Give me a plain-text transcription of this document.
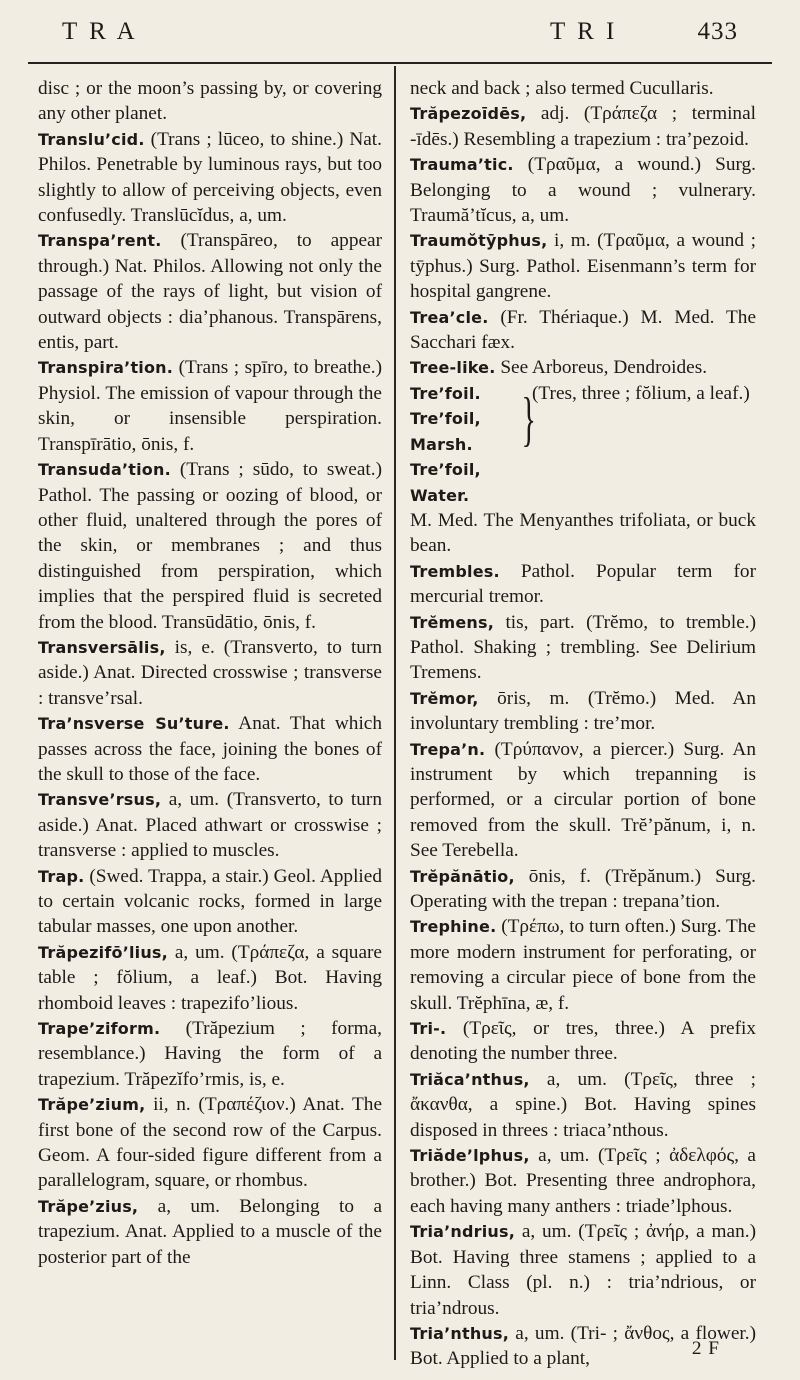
T R A	T R I	433
disc ; or the moon’s passing by, or covering any other planet.
Translu’cid. (Trans ; lūceo, to shine.) Nat. Philos. Penetrable by luminous rays, but too slightly to allow of perceiving objects, even confusedly. Translūcĭdus, a, um.
Transpa’rent. (Transpāreo, to appear through.) Nat. Philos. Allowing not only the passage of the rays of light, but vision of outward objects : dia’phanous. Transpārens, entis, part.
Transpira’tion. (Trans ; spīro, to breathe.) Physiol. The emission of vapour through the skin, or insensible perspiration. Transpīrātio, ōnis, f.
Transuda’tion. (Trans ; sūdo, to sweat.) Pathol. The passing or oozing of blood, or other fluid, unaltered through the pores of the skin, or membranes ; and thus distinguished from perspiration, which implies that the perspired fluid is secreted from the blood. Transūdātio, ōnis, f.
Transversālis, is, e. (Transverto, to turn aside.) Anat. Directed crosswise ; transverse : transve’rsal.
Tra’nsverse Su’ture. Anat. That which passes across the face, joining the bones of the skull to those of the face.
Transve’rsus, a, um. (Transverto, to turn aside.) Anat. Placed athwart or crosswise ; transverse : applied to muscles.
Trap. (Swed. Trappa, a stair.) Geol. Applied to certain volcanic rocks, formed in large tabular masses, one upon another.
Trăpezifō’lius, a, um. (Τράπεζα, a square table ; fŏlium, a leaf.) Bot. Having rhomboid leaves : trapezifo’lious.
Trape’ziform. (Trăpezium ; forma, resemblance.) Having the form of a trapezium. Trăpezĭfo’rmis, is, e.
Trăpe’zium, ii, n. (Τραπέζιον.) Anat. The first bone of the second row of the Carpus. Geom. A four-sided figure different from a parallelogram, square, or rhombus.
Trăpe’zius, a, um. Belonging to a trapezium. Anat. Applied to a muscle of the posterior part of the
neck and back ; also termed Cucullaris.
Trăpezoīdēs, adj. (Τράπεζα ; terminal -īdēs.) Resembling a trapezium : tra’pezoid.
Trauma’tic. (Τραῦμα, a wound.) Surg. Belonging to a wound ; vulnerary. Traumă’tĭcus, a, um.
Traumŏtȳphus, i, m. (Τραῦμα, a wound ; tȳphus.) Surg. Pathol. Eisenmann’s term for hospital gangrene.
Trea’cle. (Fr. Thériaque.) M. Med. The Sacchari fæx.
Tree-like. See Arboreus, Dendroides.
Tre’foil.
Tre’foil, Marsh.
Tre’foil, Water.
}
(Tres, three ; fŏlium, a leaf.)
M. Med. The Menyanthes trifoliata, or buck bean.
Trembles. Pathol. Popular term for mercurial tremor.
Trĕmens, tis, part. (Trĕmo, to tremble.) Pathol. Shaking ; trembling. See Delirium Tremens.
Trĕmor, ōris, m. (Trĕmo.) Med. An involuntary trembling : tre’mor.
Trepa’n. (Τρύπανον, a piercer.) Surg. An instrument by which trepanning is performed, or a circular portion of bone removed from the skull. Trĕ’pănum, i, n. See Terebella.
Trĕpănātio, ōnis, f. (Trĕpănum.) Surg. Operating with the trepan : trepana’tion.
Trephine. (Τρέπω, to turn often.) Surg. The more modern instrument for perforating, or removing a circular piece of bone from the skull. Trĕphīna, æ, f.
Tri-. (Τρεῖς, or tres, three.) A prefix denoting the number three.
Triăca’nthus, a, um. (Τρεῖς, three ; ἄκανθα, a spine.) Bot. Having spines disposed in threes : triaca’nthous.
Triăde’lphus, a, um. (Τρεῖς ; ἀδελφός, a brother.) Bot. Presenting three androphora, each having many anthers : triade’lphous.
Tria’ndrius, a, um. (Τρεῖς ; ἀνήρ, a man.) Bot. Having three stamens ; applied to a Linn. Class (pl. n.) : tria’ndrious, or tria’ndrous.
Tria’nthus, a, um. (Tri- ; ἄνθος, a flower.) Bot. Applied to a plant,	2 F
